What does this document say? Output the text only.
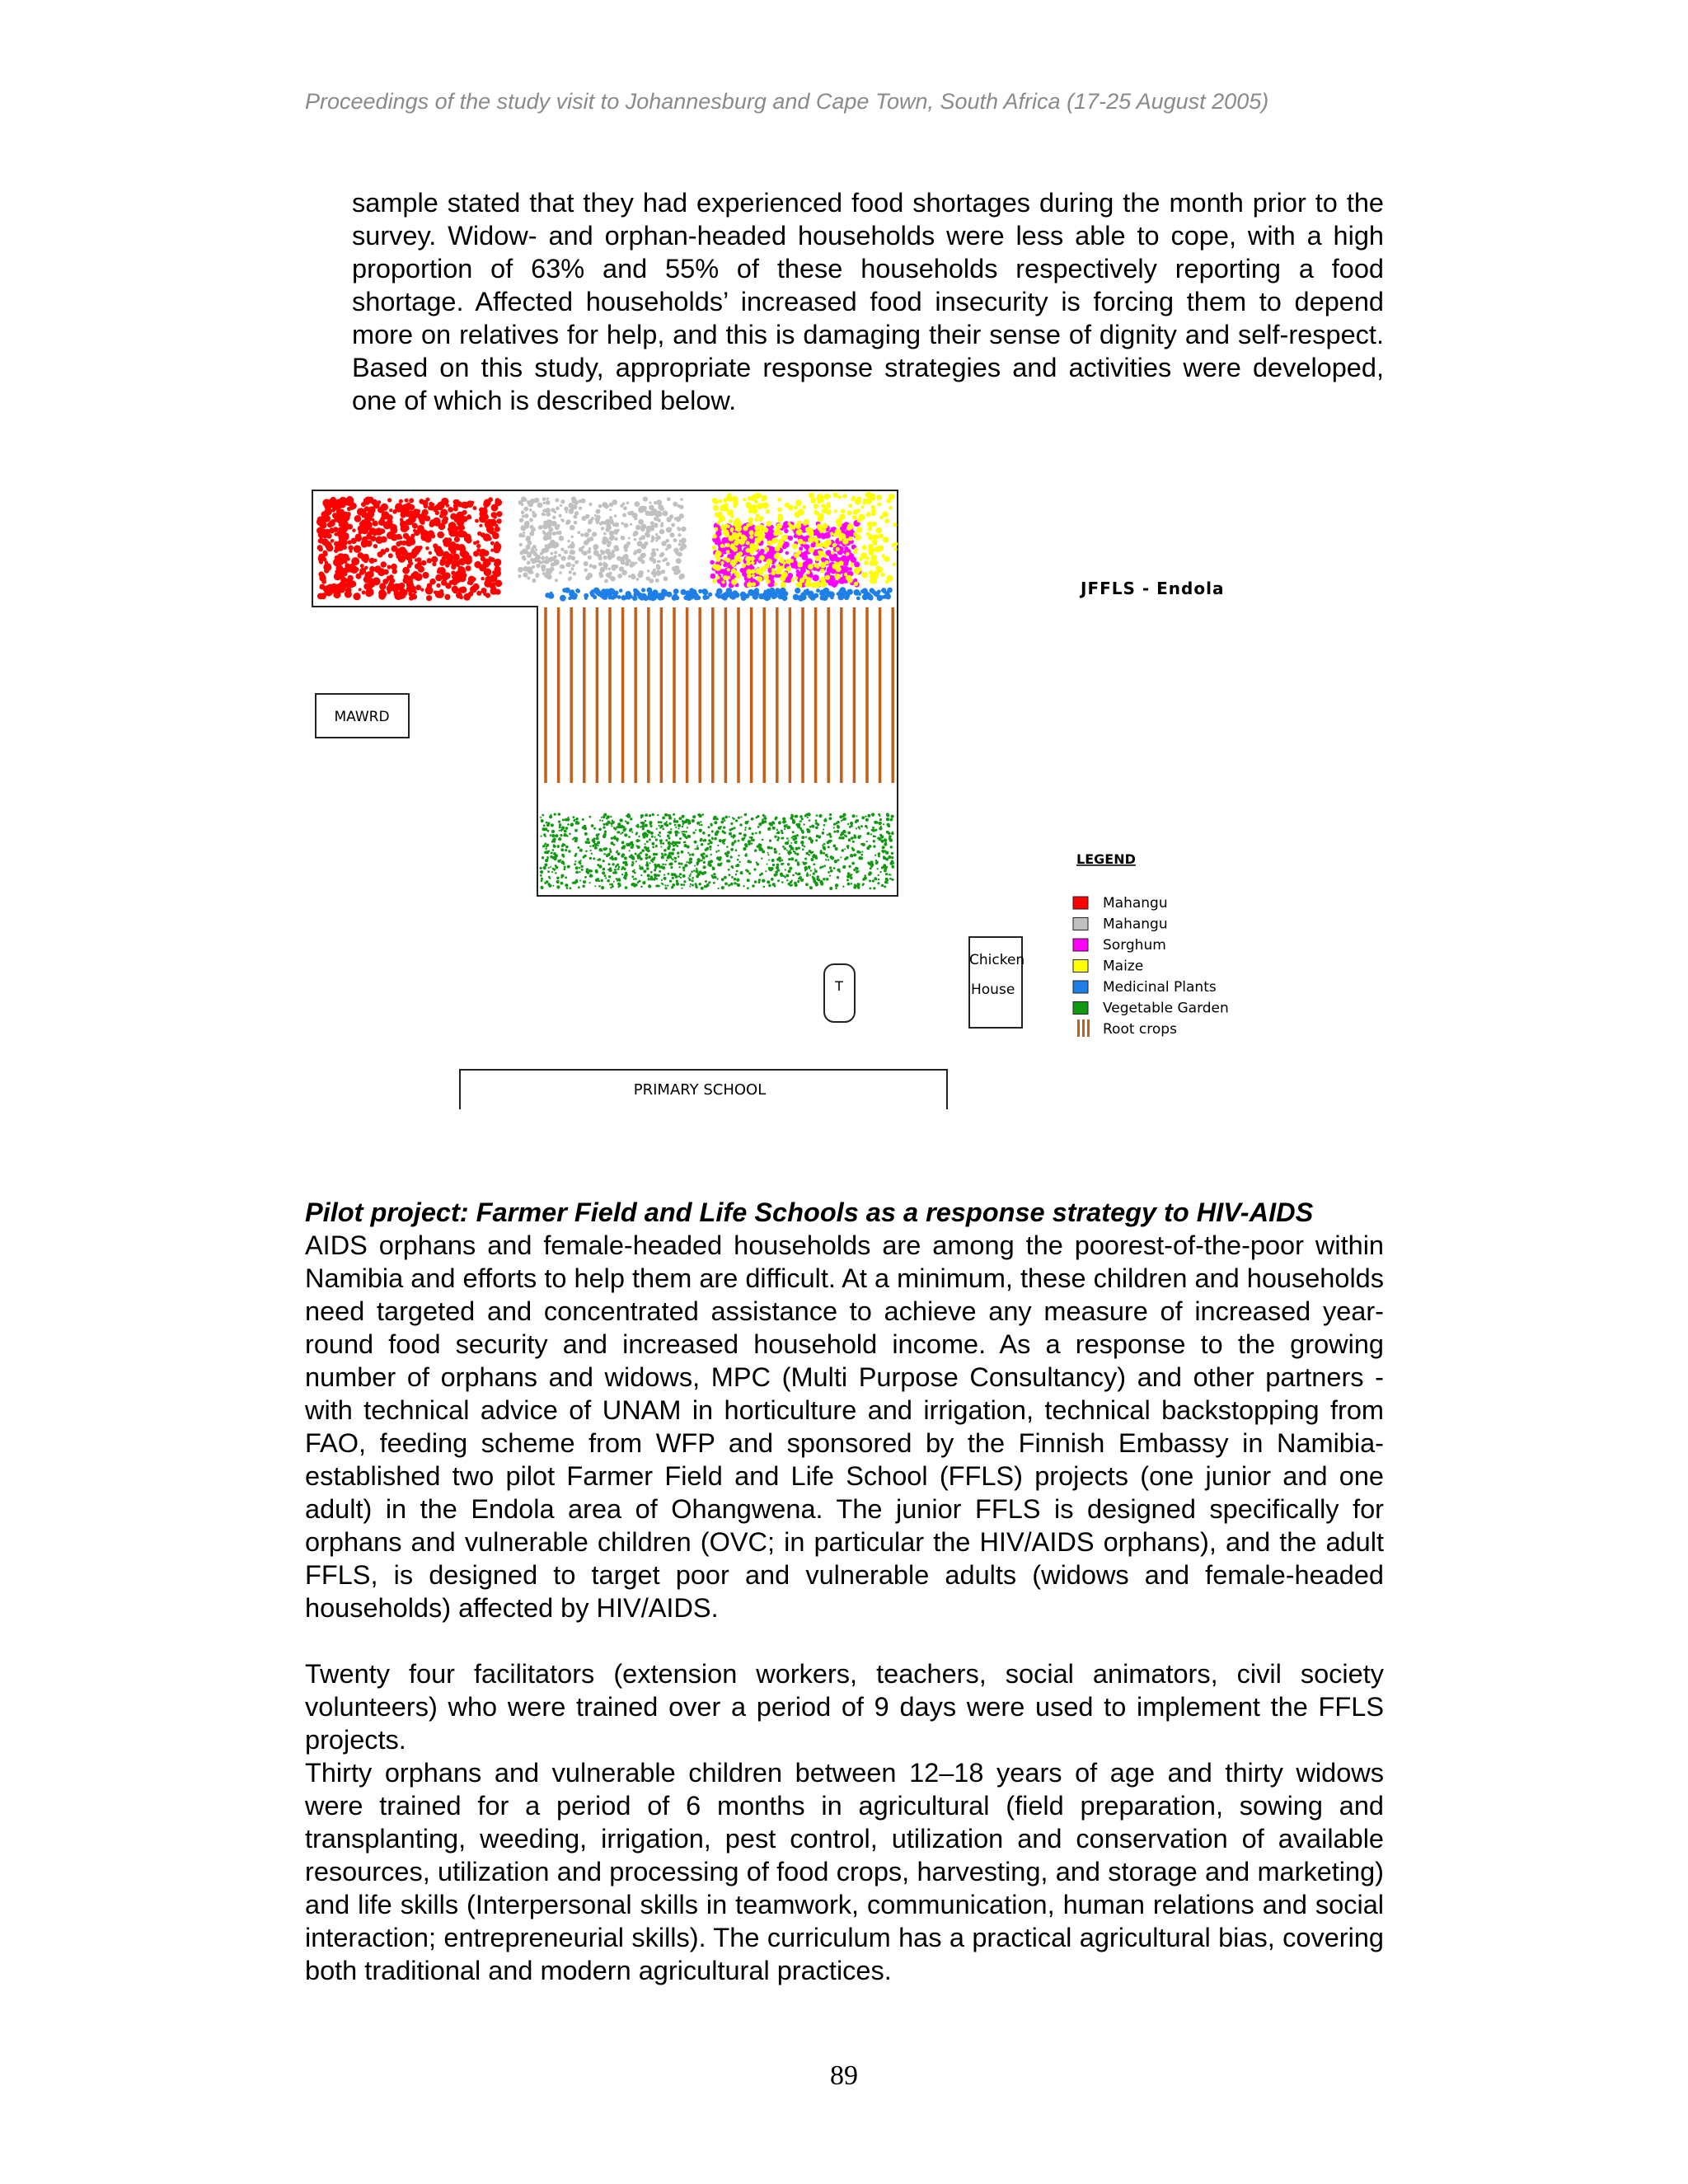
Proceedings of the study visit to Johannesburg and Cape Town, South Africa (17-25 August 2005)

sample stated that they had experienced food shortages during the month prior to the survey. Widow- and orphan-headed households were less able to cope, with a high proportion of 63% and 55% of these households respectively reporting a food shortage. Affected households’ increased food insecurity is forcing them to depend more on relatives for help, and this is damaging their sense of dignity and self-respect. Based on this study, appropriate response strategies and activities were developed, one of which is described below.

MAWRD
T
Chicken
House
PRIMARY SCHOOL
JFFLS - Endola
LEGEND
Mahangu
Mahangu
Sorghum
Maize
Medicinal Plants
Vegetable Garden
Root crops

Pilot project: Farmer Field and Life Schools as a response strategy to HIV-AIDS

AIDS orphans and female-headed households are among the poorest-of-the-poor within Namibia and efforts to help them are difficult. At a minimum, these children and households need targeted and concentrated assistance to achieve any measure of increased year-round food security and increased household income. As a response to the growing number of orphans and widows, MPC (Multi Purpose Consultancy) and other partners -with technical advice of UNAM in horticulture and irrigation, technical backstopping from FAO, feeding scheme from WFP and sponsored by the Finnish Embassy in Namibia- established two pilot Farmer Field and Life School (FFLS) projects (one junior and one adult) in the Endola area of Ohangwena. The junior FFLS is designed specifically for orphans and vulnerable children (OVC; in particular the HIV/AIDS orphans), and the adult FFLS, is designed to target poor and vulnerable adults (widows and female-headed households) affected by HIV/AIDS.

Twenty four facilitators (extension workers, teachers, social animators, civil society volunteers) who were trained over a period of 9 days were used to implement the FFLS projects.

Thirty orphans and vulnerable children between 12–18 years of age and thirty widows were trained for a period of 6 months in agricultural (field preparation, sowing and transplanting, weeding, irrigation, pest control, utilization and conservation of available resources, utilization and processing of food crops, harvesting, and storage and marketing) and life skills (Interpersonal skills in teamwork, communication, human relations and social interaction; entrepreneurial skills). The curriculum has a practical agricultural bias, covering both traditional and modern agricultural practices.

89
